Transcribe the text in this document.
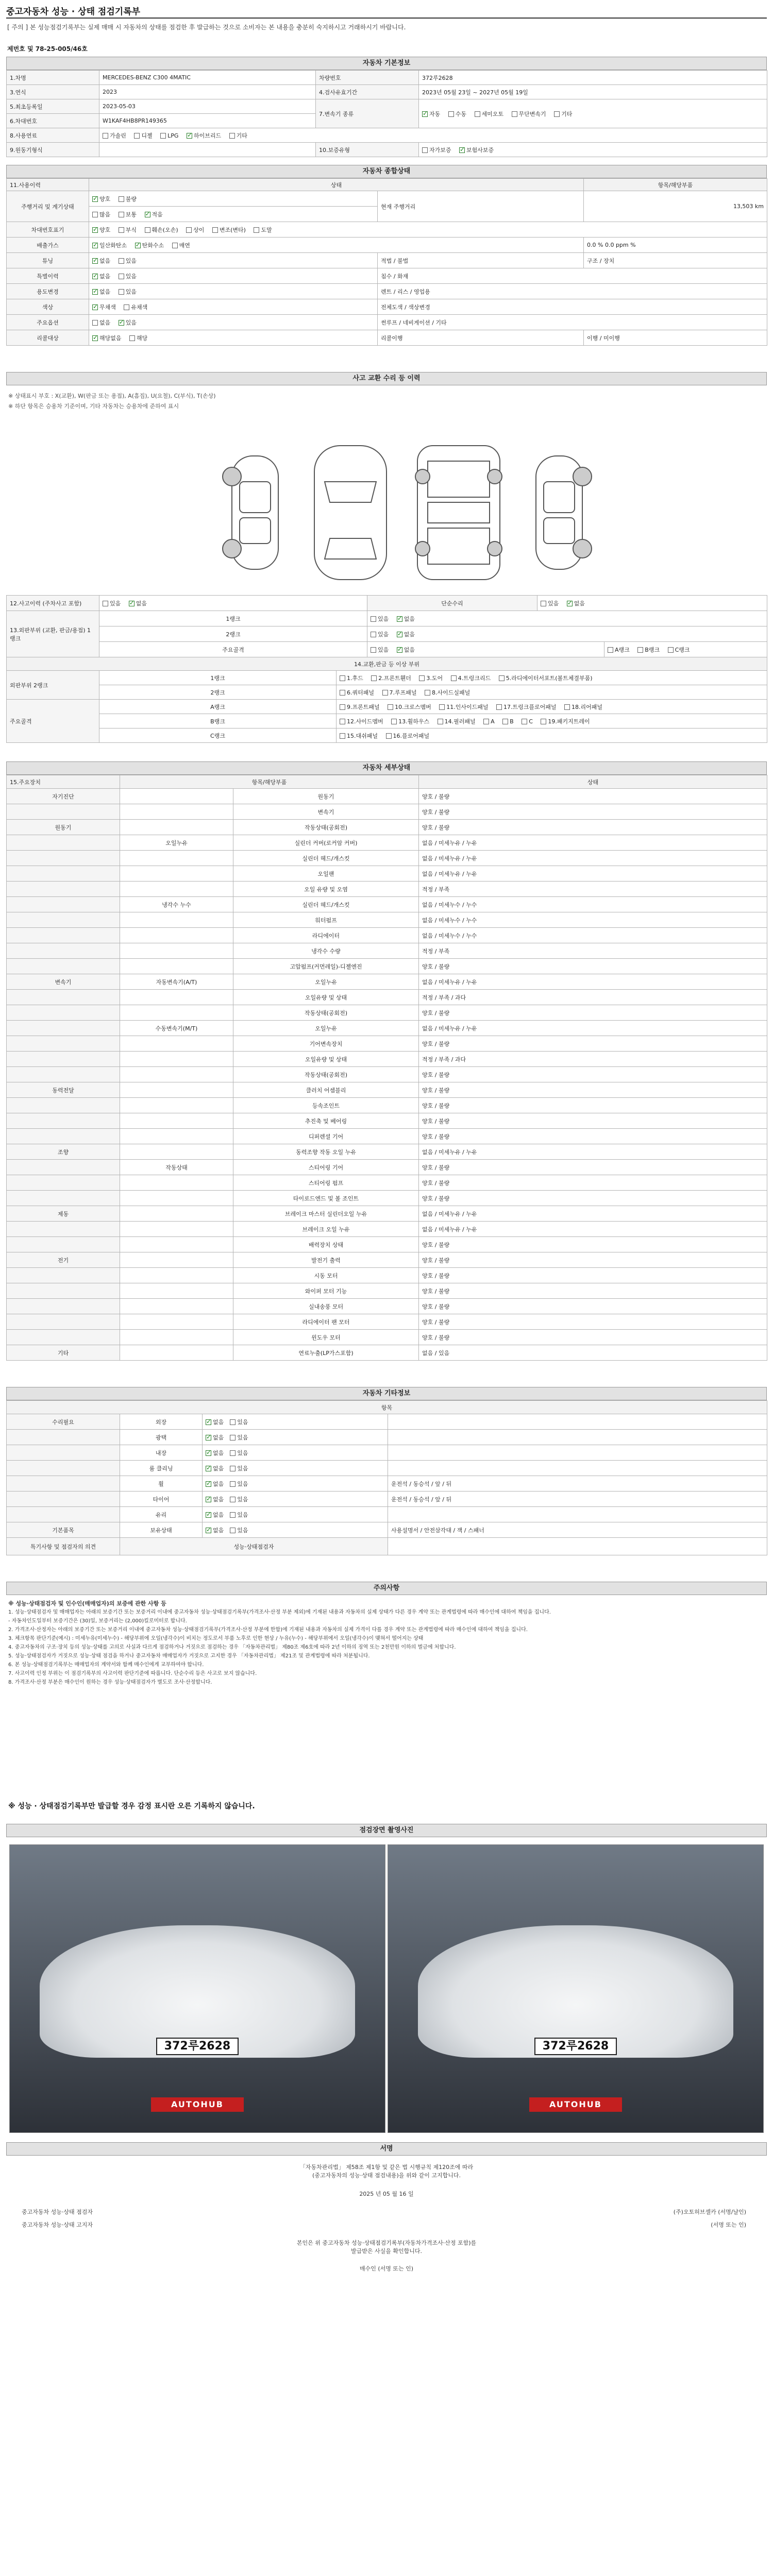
중고자동차 성능 · 상태 점검기록부
[ 주의 ] 본 성능점검기록부는 실제 매매 시 자동차의 상태를 점검한 후 발급하는 것으로 소비자는 본 내용을 충분히 숙지하시고 거래하시기 바랍니다.
제번호 및 78-25-005/46호
자동차 기본정보
1.차명	MERCEDES-BENZ C300 4MATIC	차량번호	372루2628
3.연식	2023	4.검사유효기간	2023년 05월 23일 ~ 2027년 05월 19일
5.최초등록일	2023-05-03	7.변속기 종류	✓자동 수동 세미오토 무단변속기 기타
6.차대번호	W1KAF4HB8PR149365		
8.사용연료	가솔린 디젤 LPG ✓ 하이브리드 기타
9.원동기형식		10.보증유형	자가보증 ✓ 보험사보증
자동차 종합상태
11.사용이력	상태		항목/해당부품
주행거리 및 계기상태	✓양호 불량	현재 주행거리	13,503 km
	많음 보통 ✓ 적음
차대번호표기	✓양호 부식 훼손(오손) 상이 변조(변타) 도말
배출가스	✓일산화탄소 ✓ 탄화수소 매연		0.0 % 0.0 ppm %
튜닝	✓없음 있음	적법 / 불법	구조 / 장치
특별이력	✓없음 있음	침수 / 화재	
용도변경	✓없음 있음	렌트 / 리스 / 영업용	
색상	✓무채색 유채색	전체도색 / 색상변경	
주요옵션	없음 ✓ 있음	썬루프 / 네비게이션 / 기타	
리콜대상	✓해당없음 해당	리콜이행	이행 / 미이행
사고 교환 수리 등 이력
※ 상태표시 부호 : X(교환), W(판금 또는 용접), A(흠집), U(요철), C(부식), T(손상)
※ 하단 항목은 승용차 기준이며, 기타 자동차는 승용차에 준하여 표시
12.사고이력 (주차사고 포함)	있음 ✓ 없음		단순수리	있음 ✓ 없음
13.외판부위 (교환, 판금/용접) 1랭크	1랭크		있음 ✓ 없음
	2랭크		있음 ✓ 없음
	주요골격		있음 ✓ 없음		A랭크 B랭크 C랭크
14.교환,판금 등 이상 부위					
외판부위 2랭크	1랭크	1.후드 2.프론트휀더 3.도어 4.트렁크리드 5.라디에이터서포트(볼트체결부품)			
	2랭크	6.쿼터패널 7.루프패널 8.사이드실패널			
주요골격	A랭크	9.프론트패널 10.크로스멤버 11.인사이드패널 17.트렁크플로어패널 18.리어패널			
	B랭크	12.사이드멤버 13.휠하우스 14.필러패널 A B C 19.패키지트레이			
	C랭크	15.대쉬패널 16.플로어패널			
자동차 세부상태
15.주요장치	항목/해당부품		상태
자기진단		원동기	양호 / 불량
		변속기	양호 / 불량
원동기		작동상태(공회전)	양호 / 불량
	오일누유	실린더 커버(로커암 커버)	없음 / 미세누유 / 누유
		실린더 헤드/개스킷	없음 / 미세누유 / 누유
		오일팬	없음 / 미세누유 / 누유
		오일 유량 및 오염	적정 / 부족
	냉각수 누수	실린더 헤드/개스킷	없음 / 미세누수 / 누수
		워터펌프	없음 / 미세누수 / 누수
		라디에이터	없음 / 미세누수 / 누수
		냉각수 수량	적정 / 부족
		고압펌프(커먼레일)-디젤엔진	양호 / 불량
변속기	자동변속기(A/T)	오일누유	없음 / 미세누유 / 누유
		오일유량 및 상태	적정 / 부족 / 과다
		작동상태(공회전)	양호 / 불량
	수동변속기(M/T)	오일누유	없음 / 미세누유 / 누유
		기어변속장치	양호 / 불량
		오일유량 및 상태	적정 / 부족 / 과다
		작동상태(공회전)	양호 / 불량
동력전달		클러치 어셈블리	양호 / 불량
		등속조인트	양호 / 불량
		추진축 및 베어링	양호 / 불량
		디퍼렌셜 기어	양호 / 불량
조향		동력조향 작동 오일 누유	없음 / 미세누유 / 누유
	작동상태	스티어링 기어	양호 / 불량
		스티어링 펌프	양호 / 불량
		타이로드엔드 및 볼 조인트	양호 / 불량
제동		브레이크 마스터 실린더오일 누유	없음 / 미세누유 / 누유
		브레이크 오일 누유	없음 / 미세누유 / 누유
		배력장치 상태	양호 / 불량
전기		발전기 출력	양호 / 불량
		시동 모터	양호 / 불량
		와이퍼 모터 기능	양호 / 불량
		실내송풍 모터	양호 / 불량
		라디에이터 팬 모터	양호 / 불량
		윈도우 모터	양호 / 불량
기타		연료누출(LP가스포함)	없음 / 있음
자동차 기타정보
항목			
수리필요	외장	✓없음 있음	
	광택	✓없음 있음	
	내장	✓없음 있음	
	룸 클리닝	✓없음 있음	
	휠	✓없음 있음	운전석 / 동승석 / 앞 / 뒤
	타이어	✓없음 있음	운전석 / 동승석 / 앞 / 뒤
	유리	✓없음 있음	
기본품목	보유상태	✓없음 있음	사용설명서 / 안전삼각대 / 잭 / 스패너
특기사항 및 점검자의 의견	성능·상태점검자		
주의사항
※ 성능·상태점검자 및 인수인(매매업자)의 보증에 관한 사항 등
1. 성능·상태점검자 및 매매업자는 아래의 보증기간 또는 보증거리 이내에 중고자동차 성능·상태점검기록부(가격조사·산정 부분 제외)에 기재된 내용과 자동차의 실제 상태가 다른 경우 계약 또는 관계법령에 따라 매수인에 대하여 책임을 집니다.
- 자동차인도일부터 보증기간은 (30)일, 보증거리는 (2,000)킬로미터로 합니다.
2. 가격조사·산정자는 아래의 보증기간 또는 보증거리 이내에 중고자동차 성능·상태점검기록부(가격조사·산정 부분에 한함)에 기재된 내용과 자동차의 실제 가격이 다를 경우 계약 또는 관계법령에 따라 매수인에 대하여 책임을 집니다.
3. 체크항목 판단기준(예시) : 미세누유(미세누수) - 해당부위에 오일(냉각수)이 비치는 정도로서 부품 노후로 인한 현상 / 누유(누수) - 해당부위에서 오일(냉각수)이 맺혀서 떨어지는 상태
4. 중고자동차의 구조·장치 등의 성능·상태를 고의로 사실과 다르게 점검하거나 거짓으로 점검하는 경우 「자동차관리법」 제80조 제6호에 따라 2년 이하의 징역 또는 2천만원 이하의 벌금에 처합니다.
5. 성능·상태점검자가 거짓으로 성능·상태 점검을 하거나 중고자동차 매매업자가 거짓으로 고지한 경우 「자동차관리법」 제21조 및 관계법령에 따라 처분됩니다.
6. 본 성능·상태점검기록부는 매매업자의 계약서와 함께 매수인에게 교부하여야 합니다.
7. 사고이력 인정 부위는 이 점검기록부의 사고이력 판단기준에 따릅니다. 단순수리 등은 사고로 보지 않습니다.
8. 가격조사·산정 부분은 매수인이 원하는 경우 성능·상태점검자가 별도로 조사·산정합니다.
※ 성능 · 상태점검기록부만 발급할 경우 감정 표시란 오른 기록하지 않습니다.
점검장면 촬영사진
372루2628
AUTOHUB
372루2628
AUTOHUB
서명
「자동차관리법」 제58조 제1항 및 같은 법 시행규칙 제120조에 따라
(중고자동차의 성능·상태 점검내용)을 위와 같이 고지합니다.
2025 년 05 월 16 일
중고자동차 성능·상태 점검자	(주)오토허브셀카 (서명/날인)
중고자동차 성능·상태 고지자	(서명 또는 인)
본인은 위 중고자동차 성능·상태점검기록부(자동차가격조사·산정 포함)를
발급받은 사실을 확인합니다.
매수인 (서명 또는 인)
